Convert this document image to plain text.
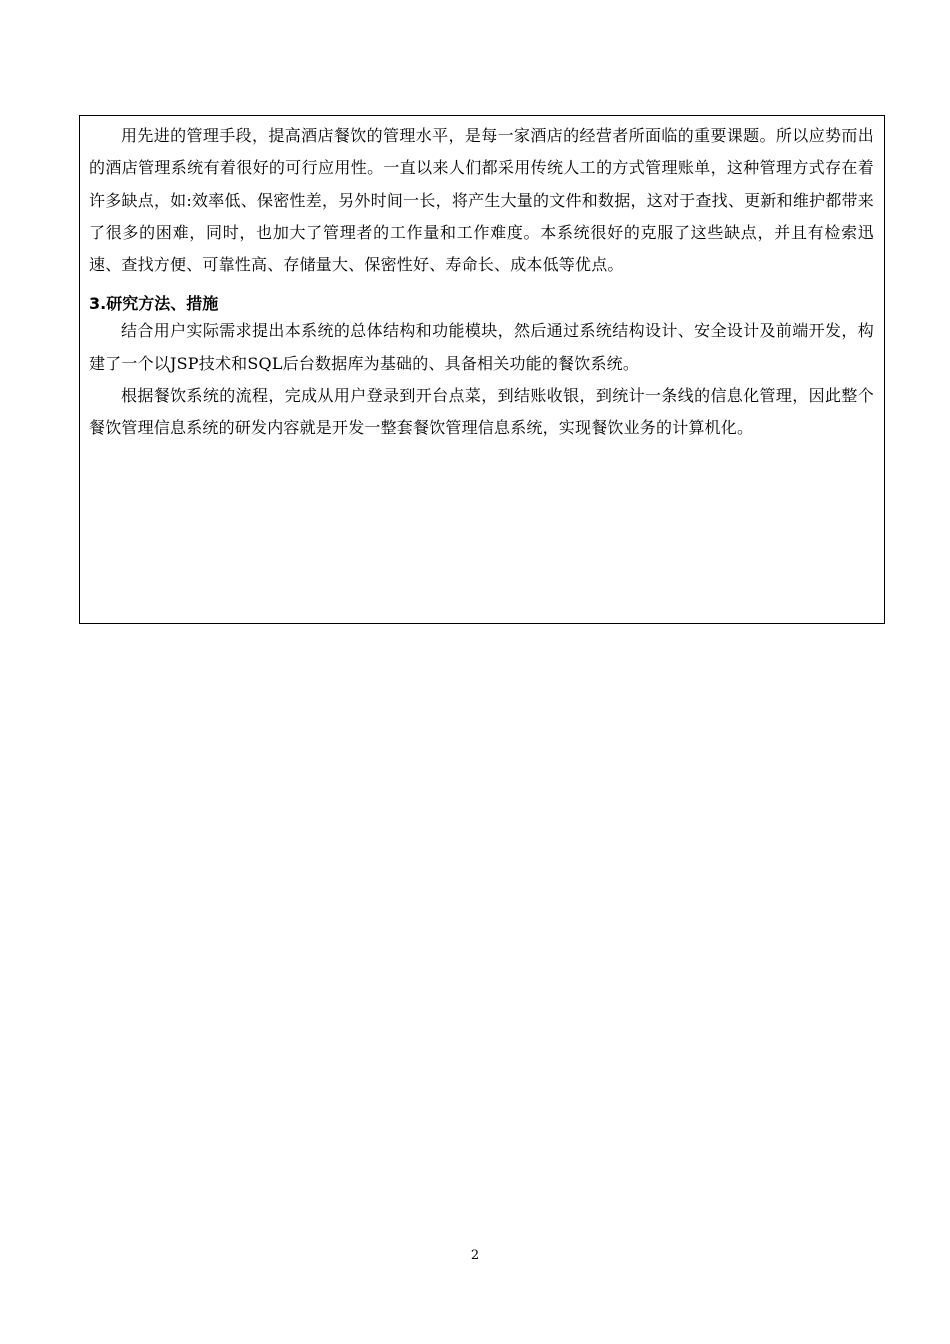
用先进的管理手段，提高酒店餐饮的管理水平，是每一家酒店的经营者所面临的重要课题。所以应势而出的酒店管理系统有着很好的可行应用性。一直以来人们都采用传统人工的方式管理账单，这种管理方式存在着许多缺点，如:效率低、保密性差，另外时间一长，将产生大量的文件和数据，这对于查找、更新和维护都带来了很多的困难，同时，也加大了管理者的工作量和工作难度。本系统很好的克服了这些缺点，并且有检索迅速、查找方便、可靠性高、存储量大、保密性好、寿命长、成本低等优点。

3.研究方法、措施

结合用户实际需求提出本系统的总体结构和功能模块，然后通过系统结构设计、安全设计及前端开发，构建了一个以JSP技术和SQL后台数据库为基础的、具备相关功能的餐饮系统。

根据餐饮系统的流程，完成从用户登录到开台点菜，到结账收银，到统计一条线的信息化管理，因此整个餐饮管理信息系统的研发内容就是开发一整套餐饮管理信息系统，实现餐饮业务的计算机化。

2
